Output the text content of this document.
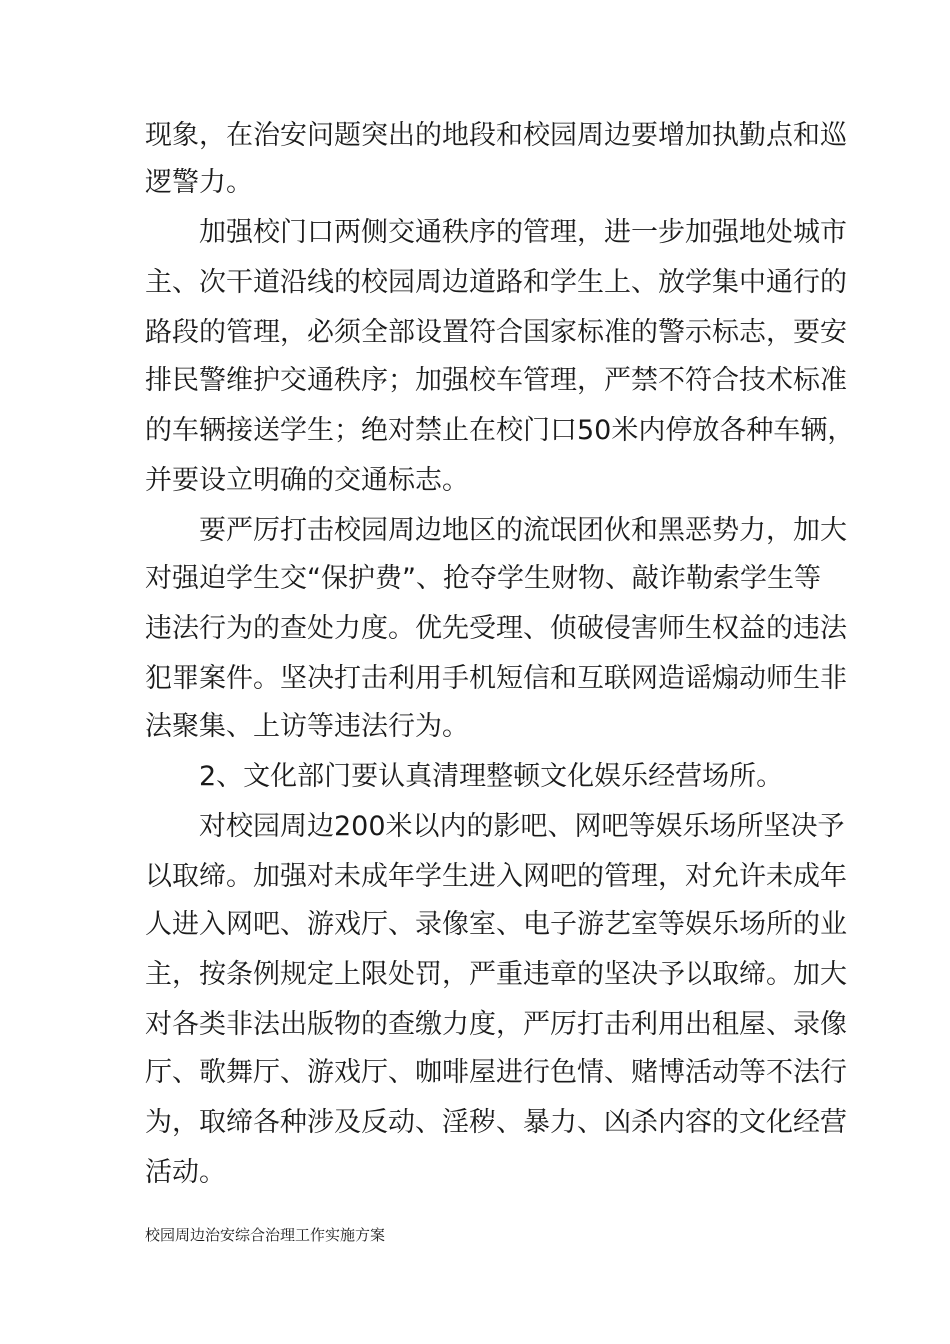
现象，在治安问题突出的地段和校园周边要增加执勤点和巡
逻警力。
加强校门口两侧交通秩序的管理，进一步加强地处城市
主、次干道沿线的校园周边道路和学生上、放学集中通行的
路段的管理，必须全部设置符合国家标准的警示标志，要安
排民警维护交通秩序；加强校车管理，严禁不符合技术标准
的车辆接送学生；绝对禁止在校门口50米内停放各种车辆，
并要设立明确的交通标志。
要严厉打击校园周边地区的流氓团伙和黑恶势力，加大
对强迫学生交“保护费”、抢夺学生财物、敲诈勒索学生等
违法行为的查处力度。优先受理、侦破侵害师生权益的违法
犯罪案件。坚决打击利用手机短信和互联网造谣煽动师生非
法聚集、上访等违法行为。
2、文化部门要认真清理整顿文化娱乐经营场所。
对校园周边200米以内的影吧、网吧等娱乐场所坚决予
以取缔。加强对未成年学生进入网吧的管理，对允许未成年
人进入网吧、游戏厅、录像室、电子游艺室等娱乐场所的业
主，按条例规定上限处罚，严重违章的坚决予以取缔。加大
对各类非法出版物的查缴力度，严厉打击利用出租屋、录像
厅、歌舞厅、游戏厅、咖啡屋进行色情、赌博活动等不法行
为，取缔各种涉及反动、淫秽、暴力、凶杀内容的文化经营
活动。
校园周边治安综合治理工作实施方案
